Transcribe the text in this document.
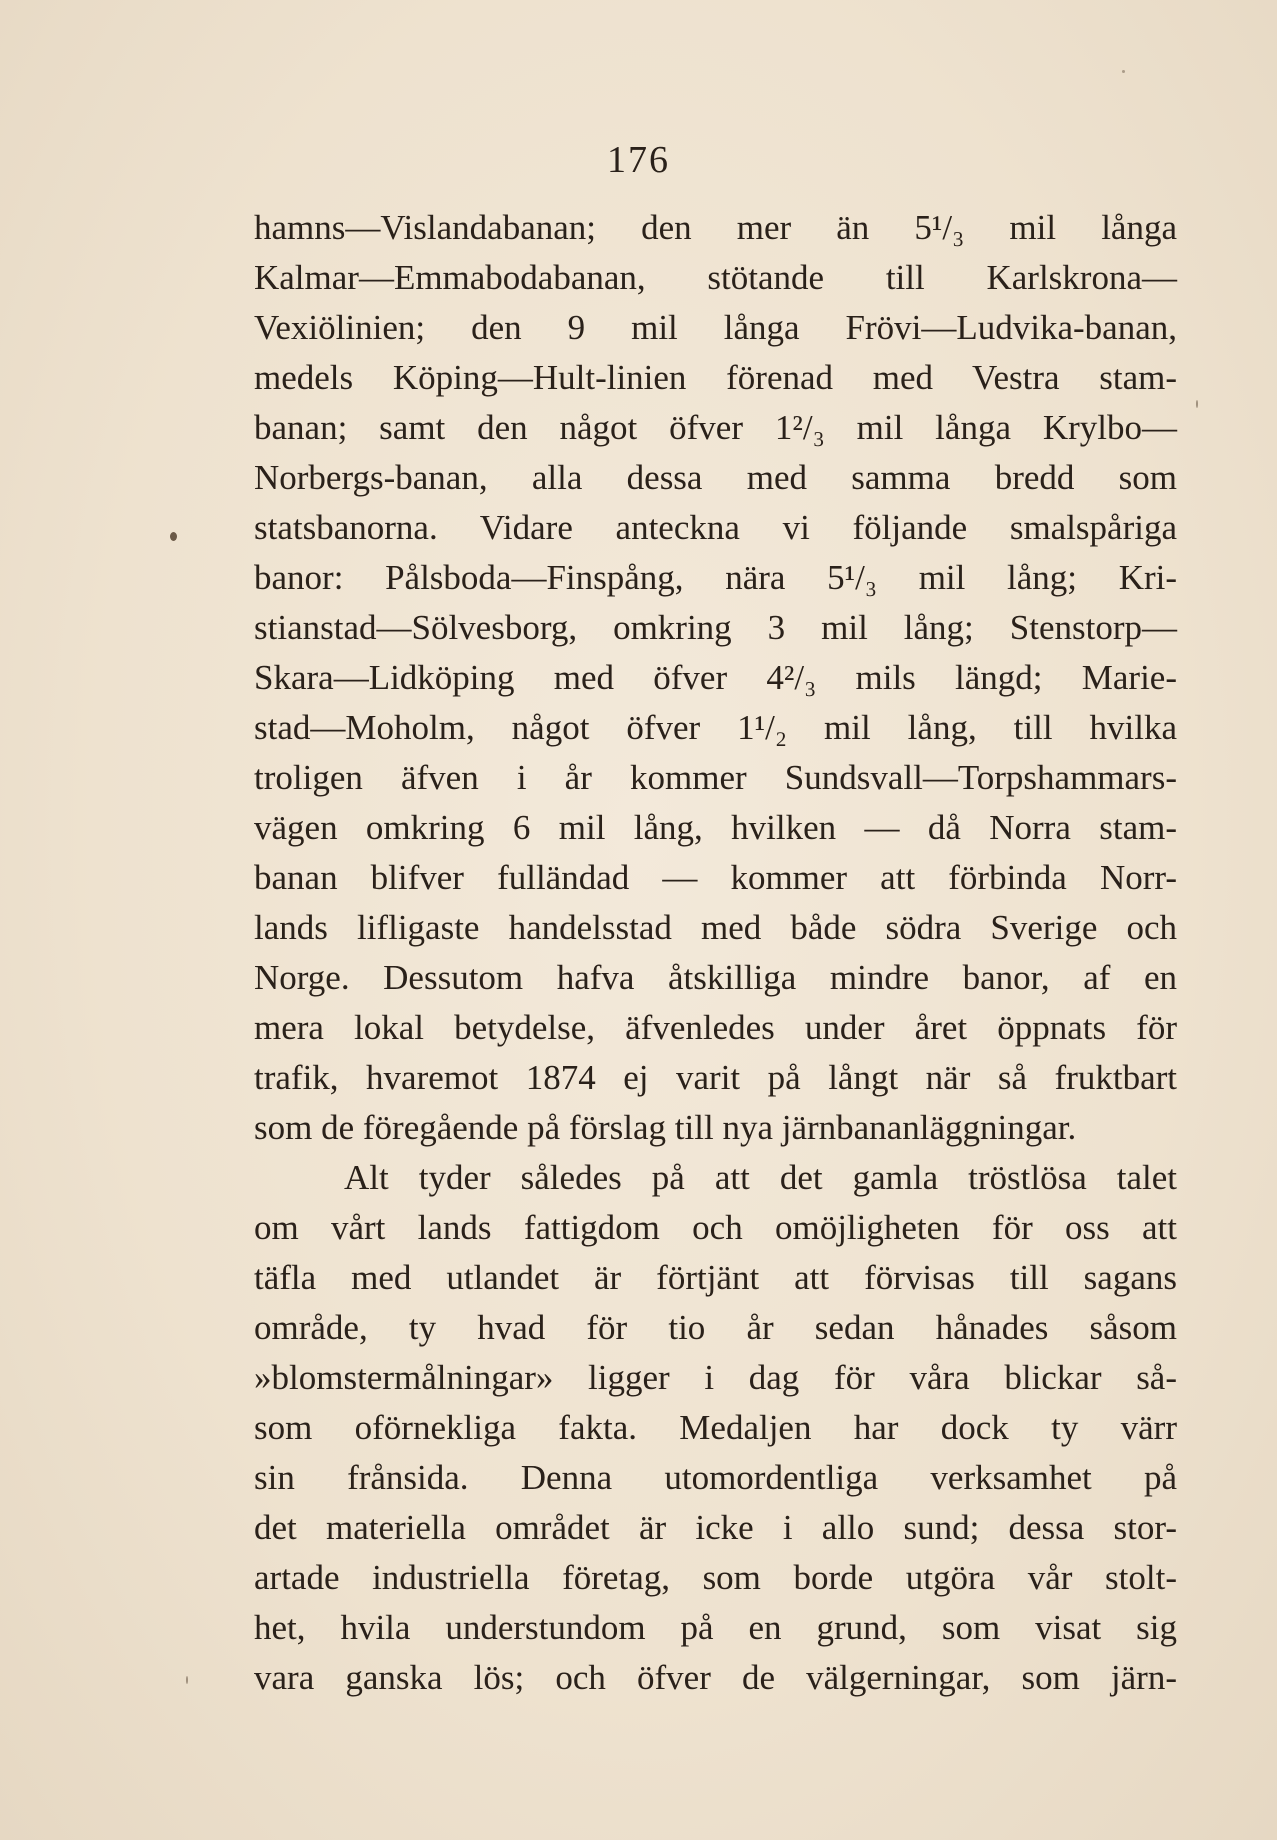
176
hamns—Vislandabanan; den mer än 5¹/₃ mil långa
Kalmar—Emmabodabanan, stötande till Karlskrona—
Vexiölinien; den 9 mil långa Frövi—Ludvika-banan,
medels Köping—Hult-linien förenad med Vestra stam-
banan; samt den något öfver 1²/₃ mil långa Krylbo—
Norbergs-banan, alla dessa med samma bredd som
statsbanorna. Vidare anteckna vi följande smalspåriga
banor: Pålsboda—Finspång, nära 5¹/₃ mil lång; Kri-
stianstad—Sölvesborg, omkring 3 mil lång; Stenstorp—
Skara—Lidköping med öfver 4²/₃ mils längd; Marie-
stad—Moholm, något öfver 1¹/₂ mil lång, till hvilka
troligen äfven i år kommer Sundsvall—Torpshammars-
vägen omkring 6 mil lång, hvilken — då Norra stam-
banan blifver fulländad — kommer att förbinda Norr-
lands lifligaste handelsstad med både södra Sverige och
Norge. Dessutom hafva åtskilliga mindre banor, af en
mera lokal betydelse, äfvenledes under året öppnats för
trafik, hvaremot 1874 ej varit på långt när så fruktbart
som de föregående på förslag till nya järnbananläggningar.
Alt tyder således på att det gamla tröstlösa talet
om vårt lands fattigdom och omöjligheten för oss att
täfla med utlandet är förtjänt att förvisas till sagans
område, ty hvad för tio år sedan hånades såsom
»blomstermålningar» ligger i dag för våra blickar så-
som oförnekliga fakta. Medaljen har dock ty värr
sin frånsida. Denna utomordentliga verksamhet på
det materiella området är icke i allo sund; dessa stor-
artade industriella företag, som borde utgöra vår stolt-
het, hvila understundom på en grund, som visat sig
vara ganska lös; och öfver de välgerningar, som järn-
